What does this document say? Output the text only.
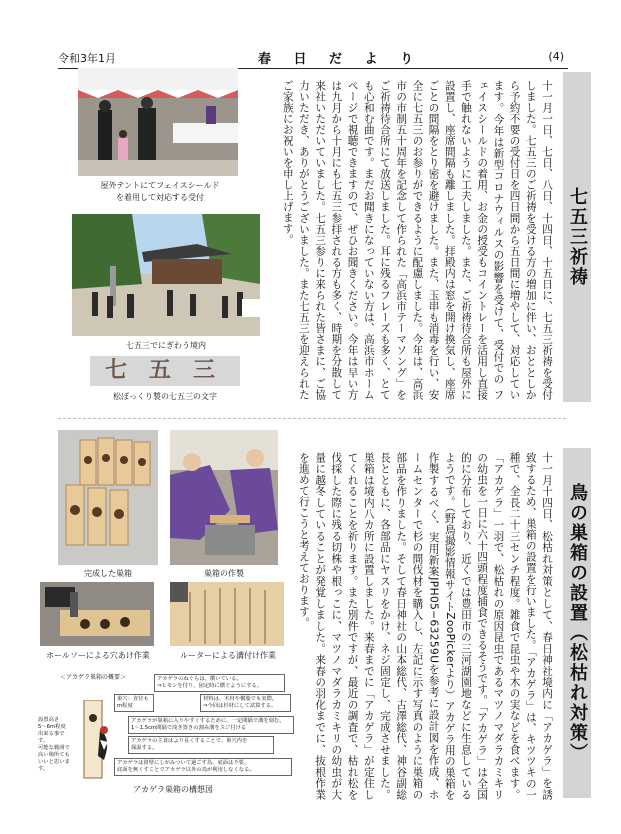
令和3年1月	春 日 だ よ り	(4)
七五三祈祷
十一月一日、七日、八日、十四日、十五日に、七五三祈祷を受付しました。七五三のご祈祷を受ける方の増加に伴い、おととしから予約不要の受付日を四日間から五日間に増やして、対応しています。今年は新型コロナウィルスの影響を受けて、受付での フェイスシールドの着用、お金の授受もコイントレーを活用し直接手で触れないように工夫しました。また、ご祈祷待合所も屋外に設置し、座席間隔も離しました。拝殿内は窓を開け換気し、座席ごとの間隔をとり密を避けました。また、玉串も消毒を行い、安全に七五三のお参りができるように配慮しました。今年は、高浜市の市制五十周年を記念して作られた「高浜市テーマソング」をご祈祷待合所にて放送しました。耳に残るフレーズも多く、とても心和む曲です。まだお聞きになっていない方は、高浜市ホームページで視聴できますので、ぜひお聞きください。今年は早い方は九月から十月にも七五三参拝される方も多く、時期を分散して来社いただいていました。七五三参りに来られた皆さまに、ご協力いただき、ありがとうございました。また七五三を迎えられたご家族にお祝いを申し上げます。
屋外テントにてフェイスシールド
を着用して対応する受付
七五三でにぎわう境内
七五三
松ぼっくり製の七五三の文字
鳥の巣箱の設置（松枯れ対策）
十一月十四日、松枯れ対策として、春日神社境内に「アカゲラ」を誘致するため、巣箱の設置を行いました。「アカゲラ」は、キツツキの一種で、全長二十三センチ程度。雑食で昆虫や木の実などを食べます。「アカゲラ」一羽で、松枯れの原因昆虫であるマツノマダラカミキリの幼虫を一日に六十四頭程度捕食できるそうです。「アカゲラ」は全国的に分布しており、近くでは豊田市の三河湖園地などに生息しているようです。（野鳥撮影情報サイトZooPickerより）アカゲラ用の巣箱を作製するべく、実用新案JPH05−63259Uを参考に設計図を作成、ホームセンターで杉の間伐材を購入し、左記に示す写真のように巣箱の部品を作りました。そして春日神社の山本総代、古澤総代、神谷副総長とともに、各部品にヤスリをかけ、ネジ固定し、完成させました。巣箱は境内八カ所に設置しました。来春までに「アカゲラ」が定住してくれることを祈ります。また別件ですが、最近の調査で、枯れ松を伐採した際に残る切株や根っこに、マツノマダラカミキリの幼虫が大量に越冬していることが発覚しました。来春の羽化までに、抜根作業を進めて行こうと考えております。
完成した巣箱	巣箱の作製
ホールソーによる穴あけ作業	ルーターによる溝付け作業
＜アカゲラ巣箱の概要＞	アカゲラのねぐらは、横いている。
⇒ヒモンを付り、固定時に横ぐようにする。
巣穴：直径もm程度
材料は、木材や樹脂でも実際。
⇒今回は杉材にして試算する。
アカゲラが巣箱に入りやすくするために、一定間隔で溝を刻む。
1〜1.5cm間隔で浅き置きの割み溝をスジ付ける
アカゲラの主食はより長くすることで、巣穴内を
保温する。
アカゲラは筒壁にしがみついて過ごす為、底面は不要。
底面を無くすことでアカゲラ以外の鳥が利用しなくなる。
設置高さ
5〜6m程度
出来る事です。
可能な範囲で
高い場所ても
いいと思います。
アカゲラ巣箱の構想図
